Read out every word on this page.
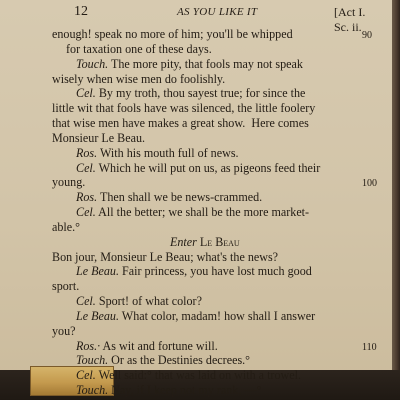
12	AS YOU LIKE IT	[Act I. Sc. ii.
enough! speak no more of him; you'll be whipped	90
for taxation one of these days.
Touch. The more pity, that fools may not speak
wisely when wise men do foolishly.
Cel. By my troth, thou sayest true; for since the
little wit that fools have was silenced, the little foolery
that wise men have makes a great show.  Here comes
Monsieur Le Beau.
Ros. With his mouth full of news.
Cel. Which he will put on us, as pigeons feed their
young.	100
Ros. Then shall we be news-crammed.
Cel. All the better; we shall be the more market-
able.°
Enter Le Beau
Bon jour, Monsieur Le Beau; what's the news?
Le Beau. Fair princess, you have lost much good
sport.
Cel. Sport! of what color?
Le Beau. What color, madam! how shall I answer
you?
Ros.· As wit and fortune will.	110
Touch. Or as the Destinies decrees.°
Cel. Well said:° that was laid on with a trowel.
Touch. Nay, if I keep not my rank, —°
